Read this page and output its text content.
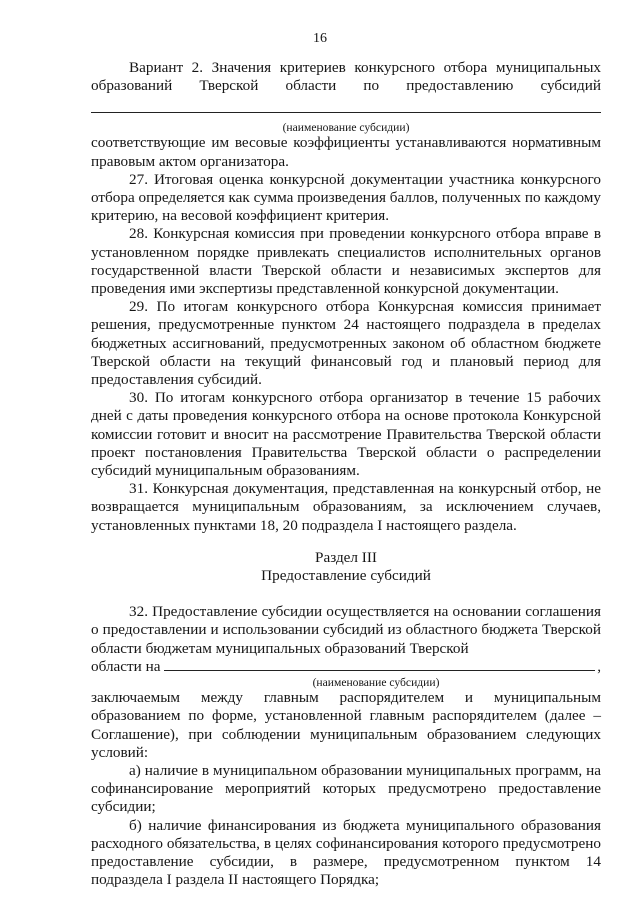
16

Вариант 2. Значения критериев конкурсного отбора муниципальных

образований Тверской области по предоставлению субсидий

(наименование субсидии)

соответствующие им весовые коэффициенты устанавливаются нормативным правовым актом организатора.

27. Итоговая оценка конкурсной документации участника конкурсного отбора определяется как сумма произведения баллов, полученных по каждому критерию, на весовой коэффициент критерия.

28. Конкурсная комиссия при проведении конкурсного отбора вправе в установленном порядке привлекать специалистов исполнительных органов государственной власти Тверской области и независимых экспертов для проведения ими экспертизы представленной конкурсной документации.

29. По итогам конкурсного отбора Конкурсная комиссия принимает решения, предусмотренные пунктом 24 настоящего подраздела в пределах бюджетных ассигнований, предусмотренных законом об областном бюджете Тверской области на текущий финансовый год и плановый период для предоставления субсидий.

30. По итогам конкурсного отбора организатор в течение 15 рабочих дней с даты проведения конкурсного отбора на основе протокола Конкурсной комиссии готовит и вносит на рассмотрение Правительства Тверской области проект постановления Правительства Тверской области о распределении субсидий муниципальным образованиям.

31. Конкурсная документация, представленная на конкурсный отбор, не возвращается муниципальным образованиям, за исключением случаев, установленных пунктами 18, 20 подраздела I настоящего раздела.

Раздел III

Предоставление субсидий

32. Предоставление субсидии осуществляется на основании соглашения о предоставлении и использовании субсидий из областного бюджета Тверской области бюджетам муниципальных образований Тверской

области на	,

(наименование субсидии)

заключаемым между главным распорядителем и муниципальным образованием по форме, установленной главным распорядителем (далее – Соглашение), при соблюдении муниципальным образованием следующих условий:

а) наличие в муниципальном образовании муниципальных программ, на софинансирование мероприятий которых предусмотрено предоставление субсидии;

б) наличие финансирования из бюджета муниципального образования расходного обязательства, в целях софинансирования которого предусмотрено предоставление субсидии, в размере, предусмотренном пунктом 14 подраздела I раздела II настоящего Порядка;
